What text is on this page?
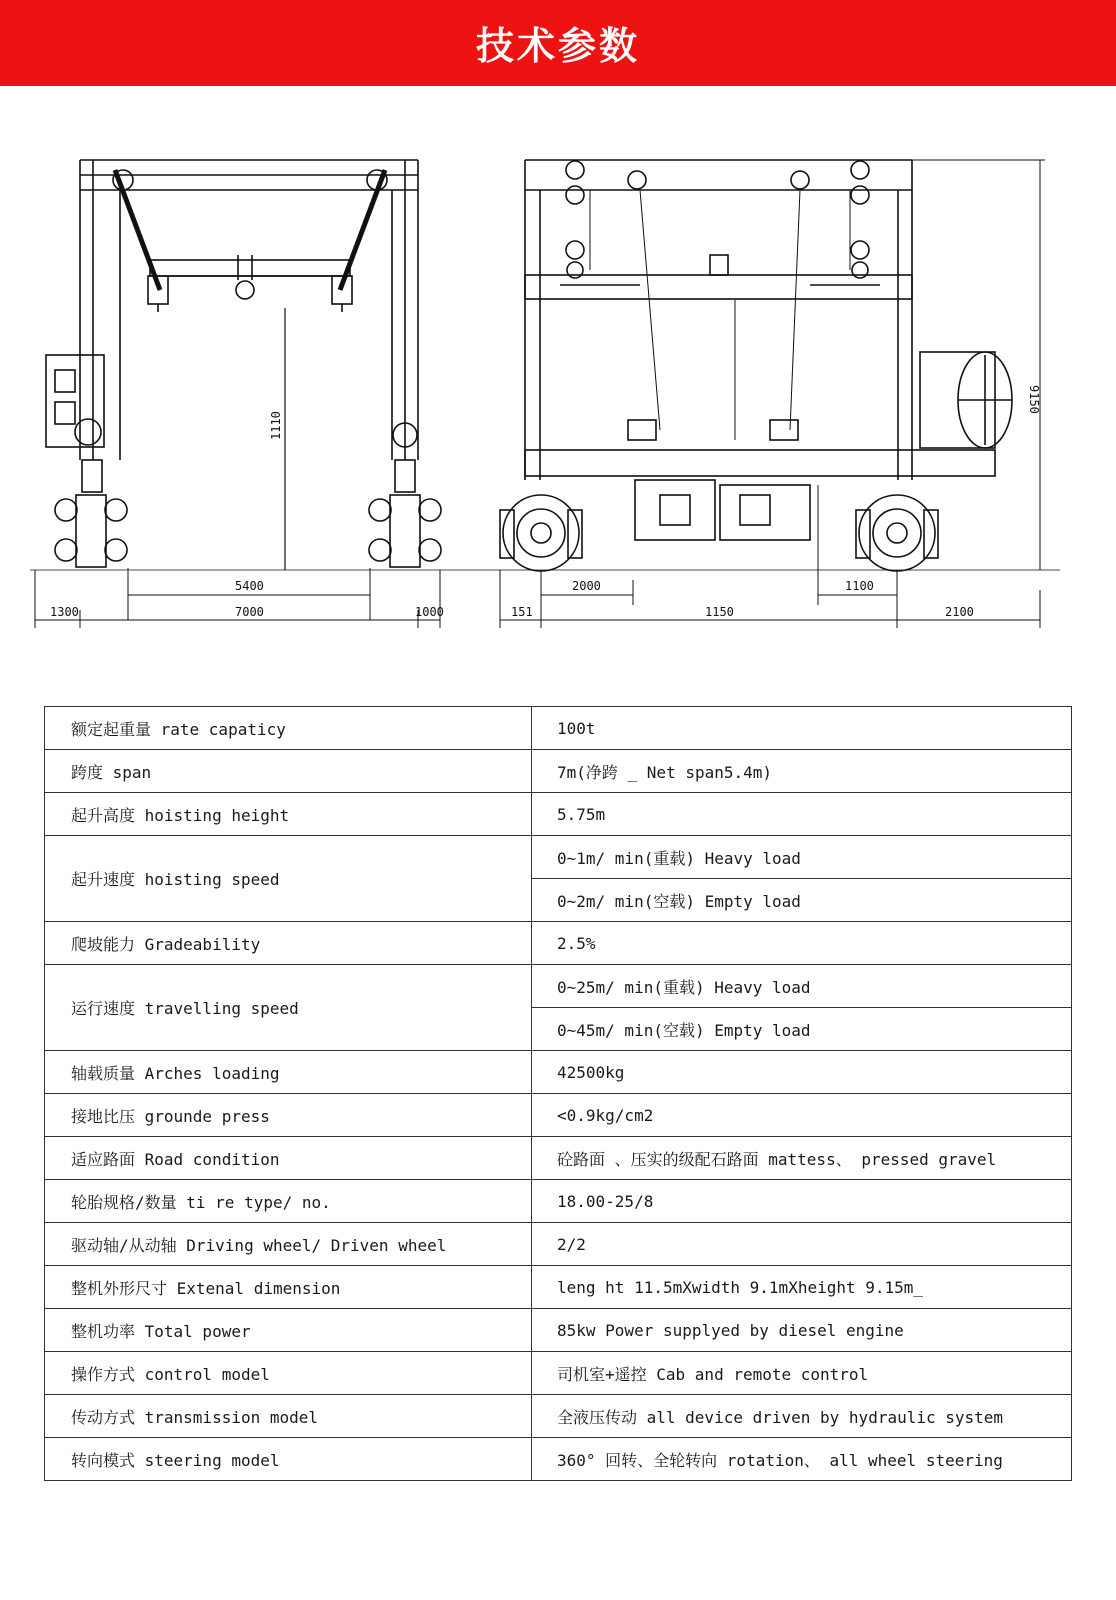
技术参数
1110
5400
7000
1300	1000
9150
2000	1100
1150	2100
151
额定起重量 rate capaticy	100t
跨度 span	7m(净跨 _ Net span5.4m)
起升高度 hoisting height	5.75m
起升速度 hoisting speed	0~1m/ min(重载) Heavy load
	0~2m/ min(空载) Empty load
爬坡能力 Gradeability	2.5%
运行速度 travelling speed	0~25m/ min(重载) Heavy load
	0~45m/ min(空载) Empty load
轴载质量 Arches loading	42500kg
接地比压 grounde press	<0.9kg/cm2
适应路面 Road condition	砼路面 、压实的级配石路面 mattess、 pressed gravel
轮胎规格/数量 ti re type/ no.	18.00-25/8
驱动轴/从动轴 Driving wheel/ Driven wheel	2/2
整机外形尺寸 Extenal dimension	leng ht 11.5mXwidth 9.1mXheight 9.15m_
整机功率 Total power	85kw Power supplyed by diesel engine
操作方式 control model	司机室+遥控 Cab and remote control
传动方式 transmission model	全液压传动 all device driven by hydraulic system
转向模式 steering model	360° 回转、全轮转向 rotation、 all wheel steering
